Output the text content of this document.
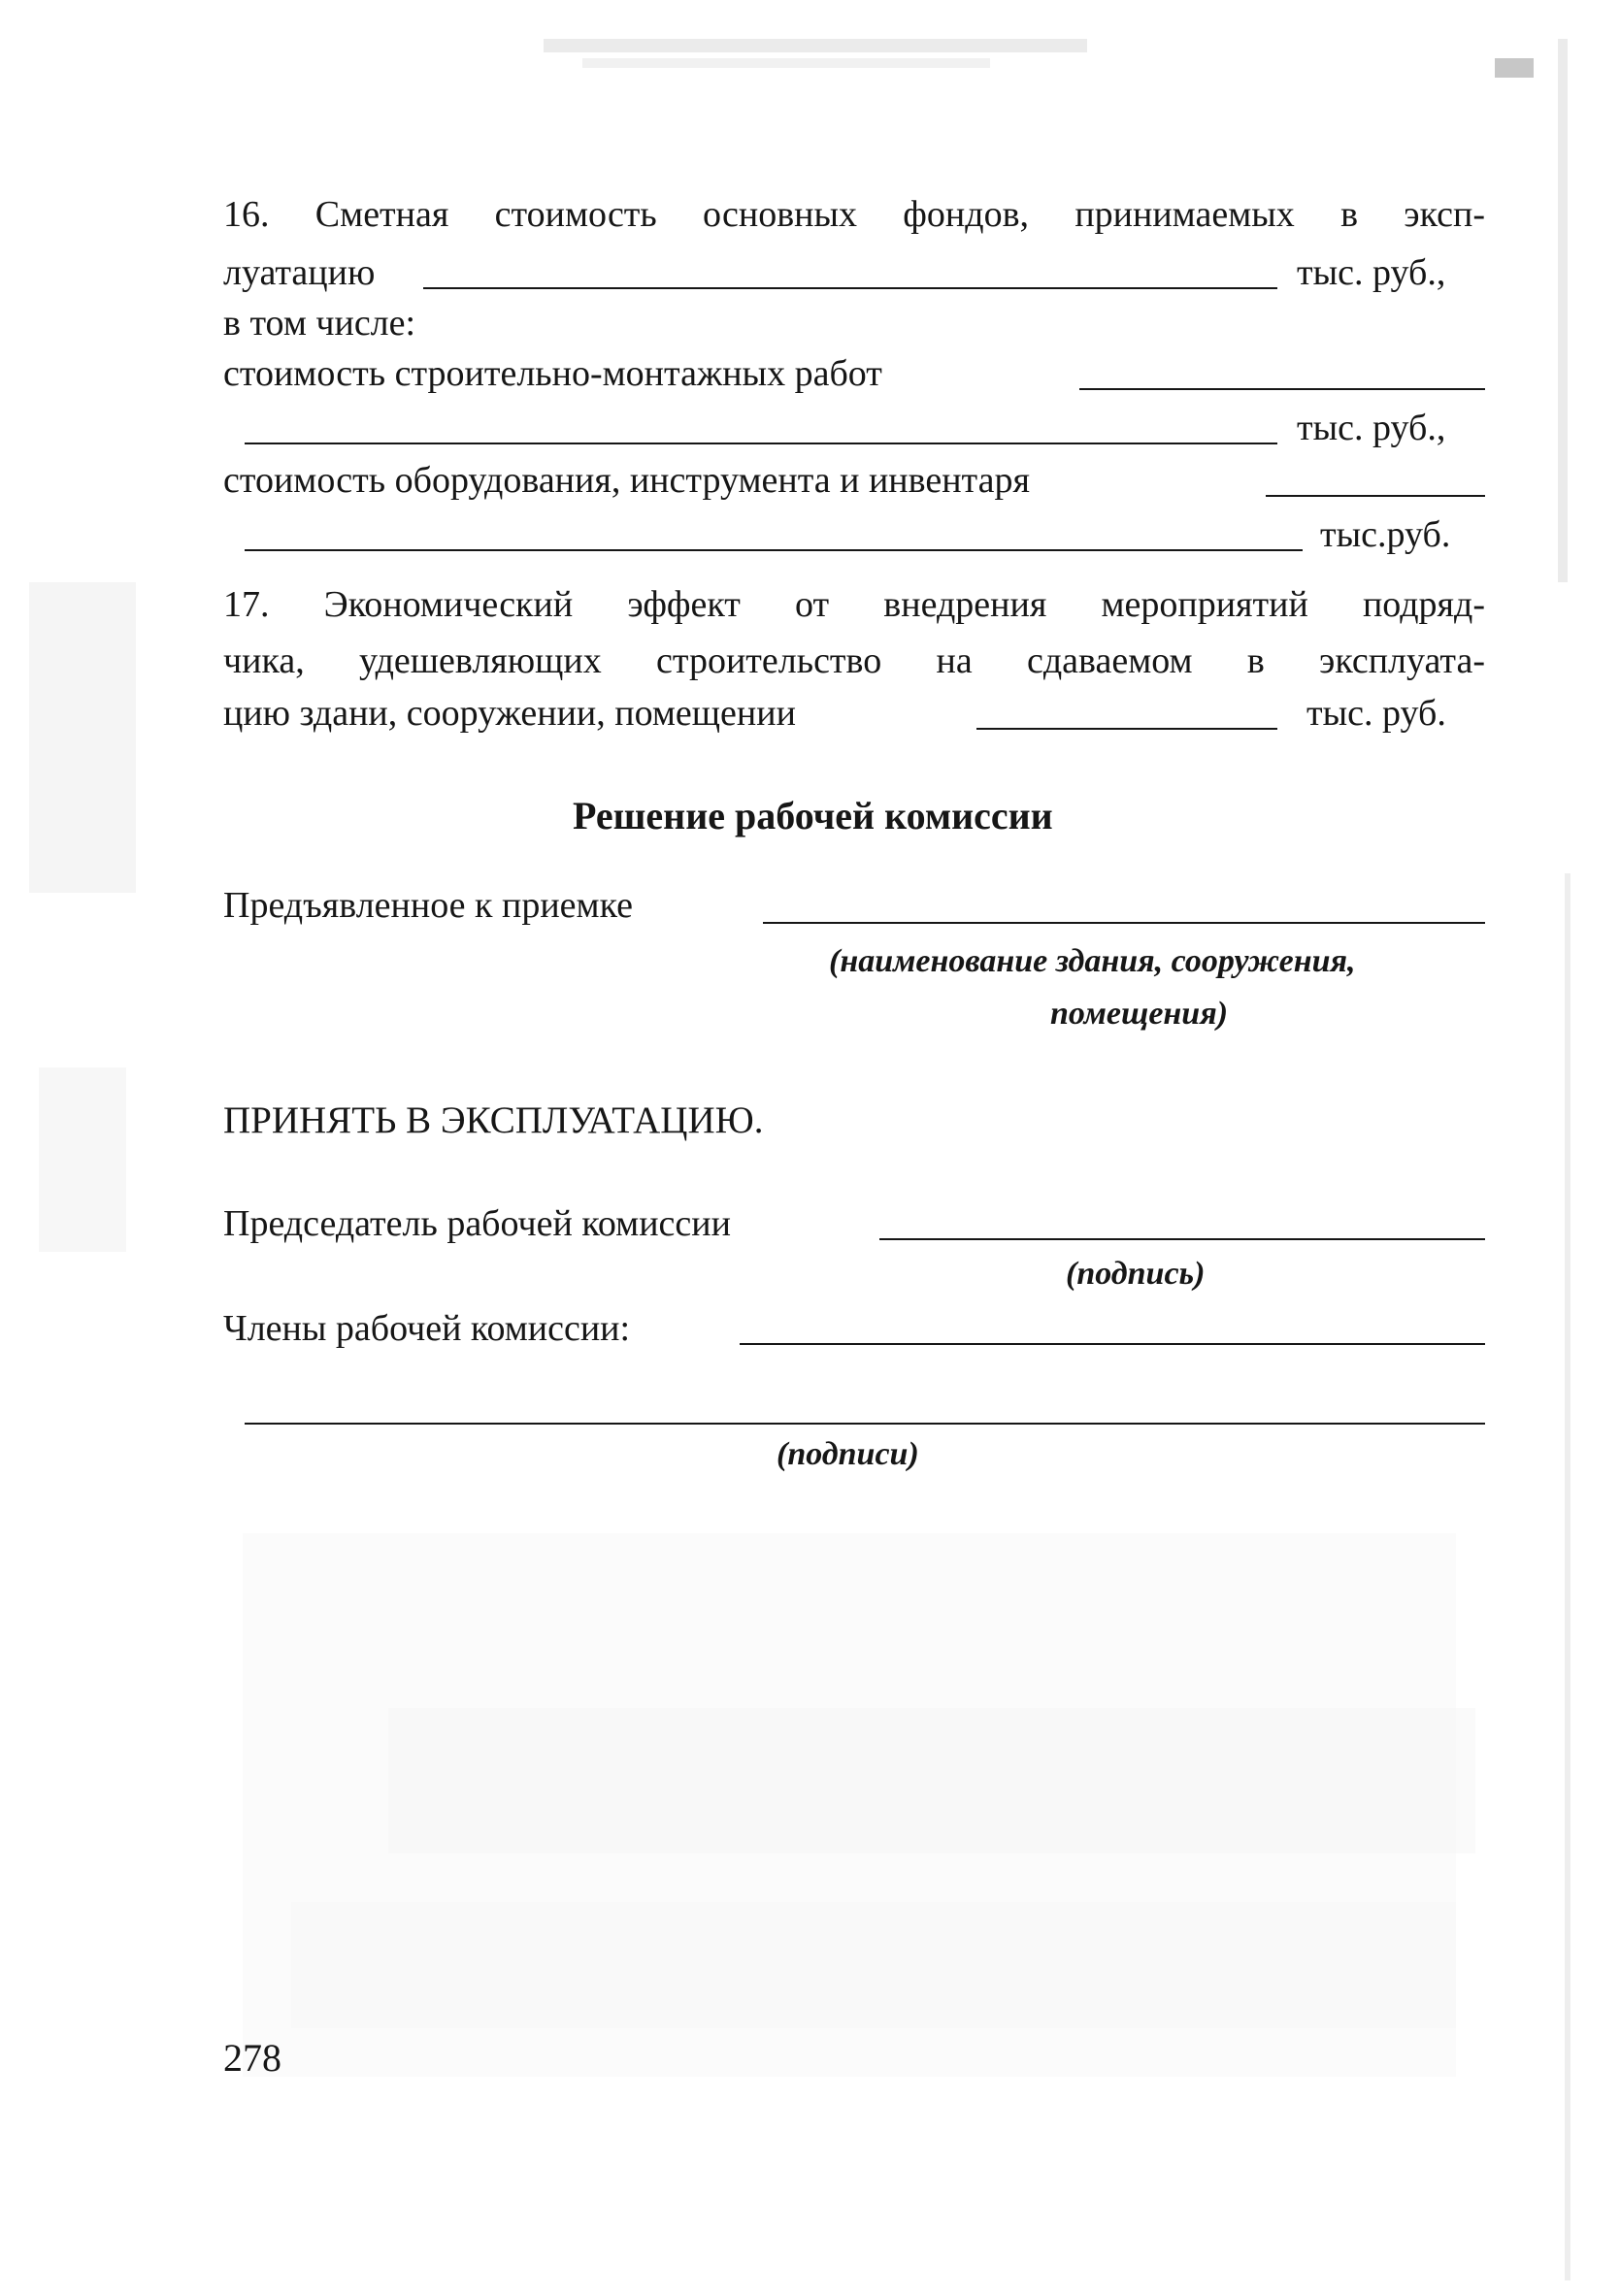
16. Сметная стоимость основных фондов, принимаемых в эксп-
луатацию	тыс. руб.,
в том числе:
стоимость строительно-монтажных работ
тыс. руб.,
стоимость оборудования, инструмента и инвентаря
тыс.руб.
17. Экономический эффект от внедрения мероприятий подряд-
чика, удешевляющих строительство на сдаваемом в эксплуата-
цию здани, сооружении, помещении	тыс. руб.
Решение рабочей комиссии
Предъявленное к приемке
(наименование здания, сооружения,
помещения)
ПРИНЯТЬ В ЭКСПЛУАТАЦИЮ.
Председатель рабочей комиссии
(подпись)
Члены рабочей комиссии:
(подписи)
278
